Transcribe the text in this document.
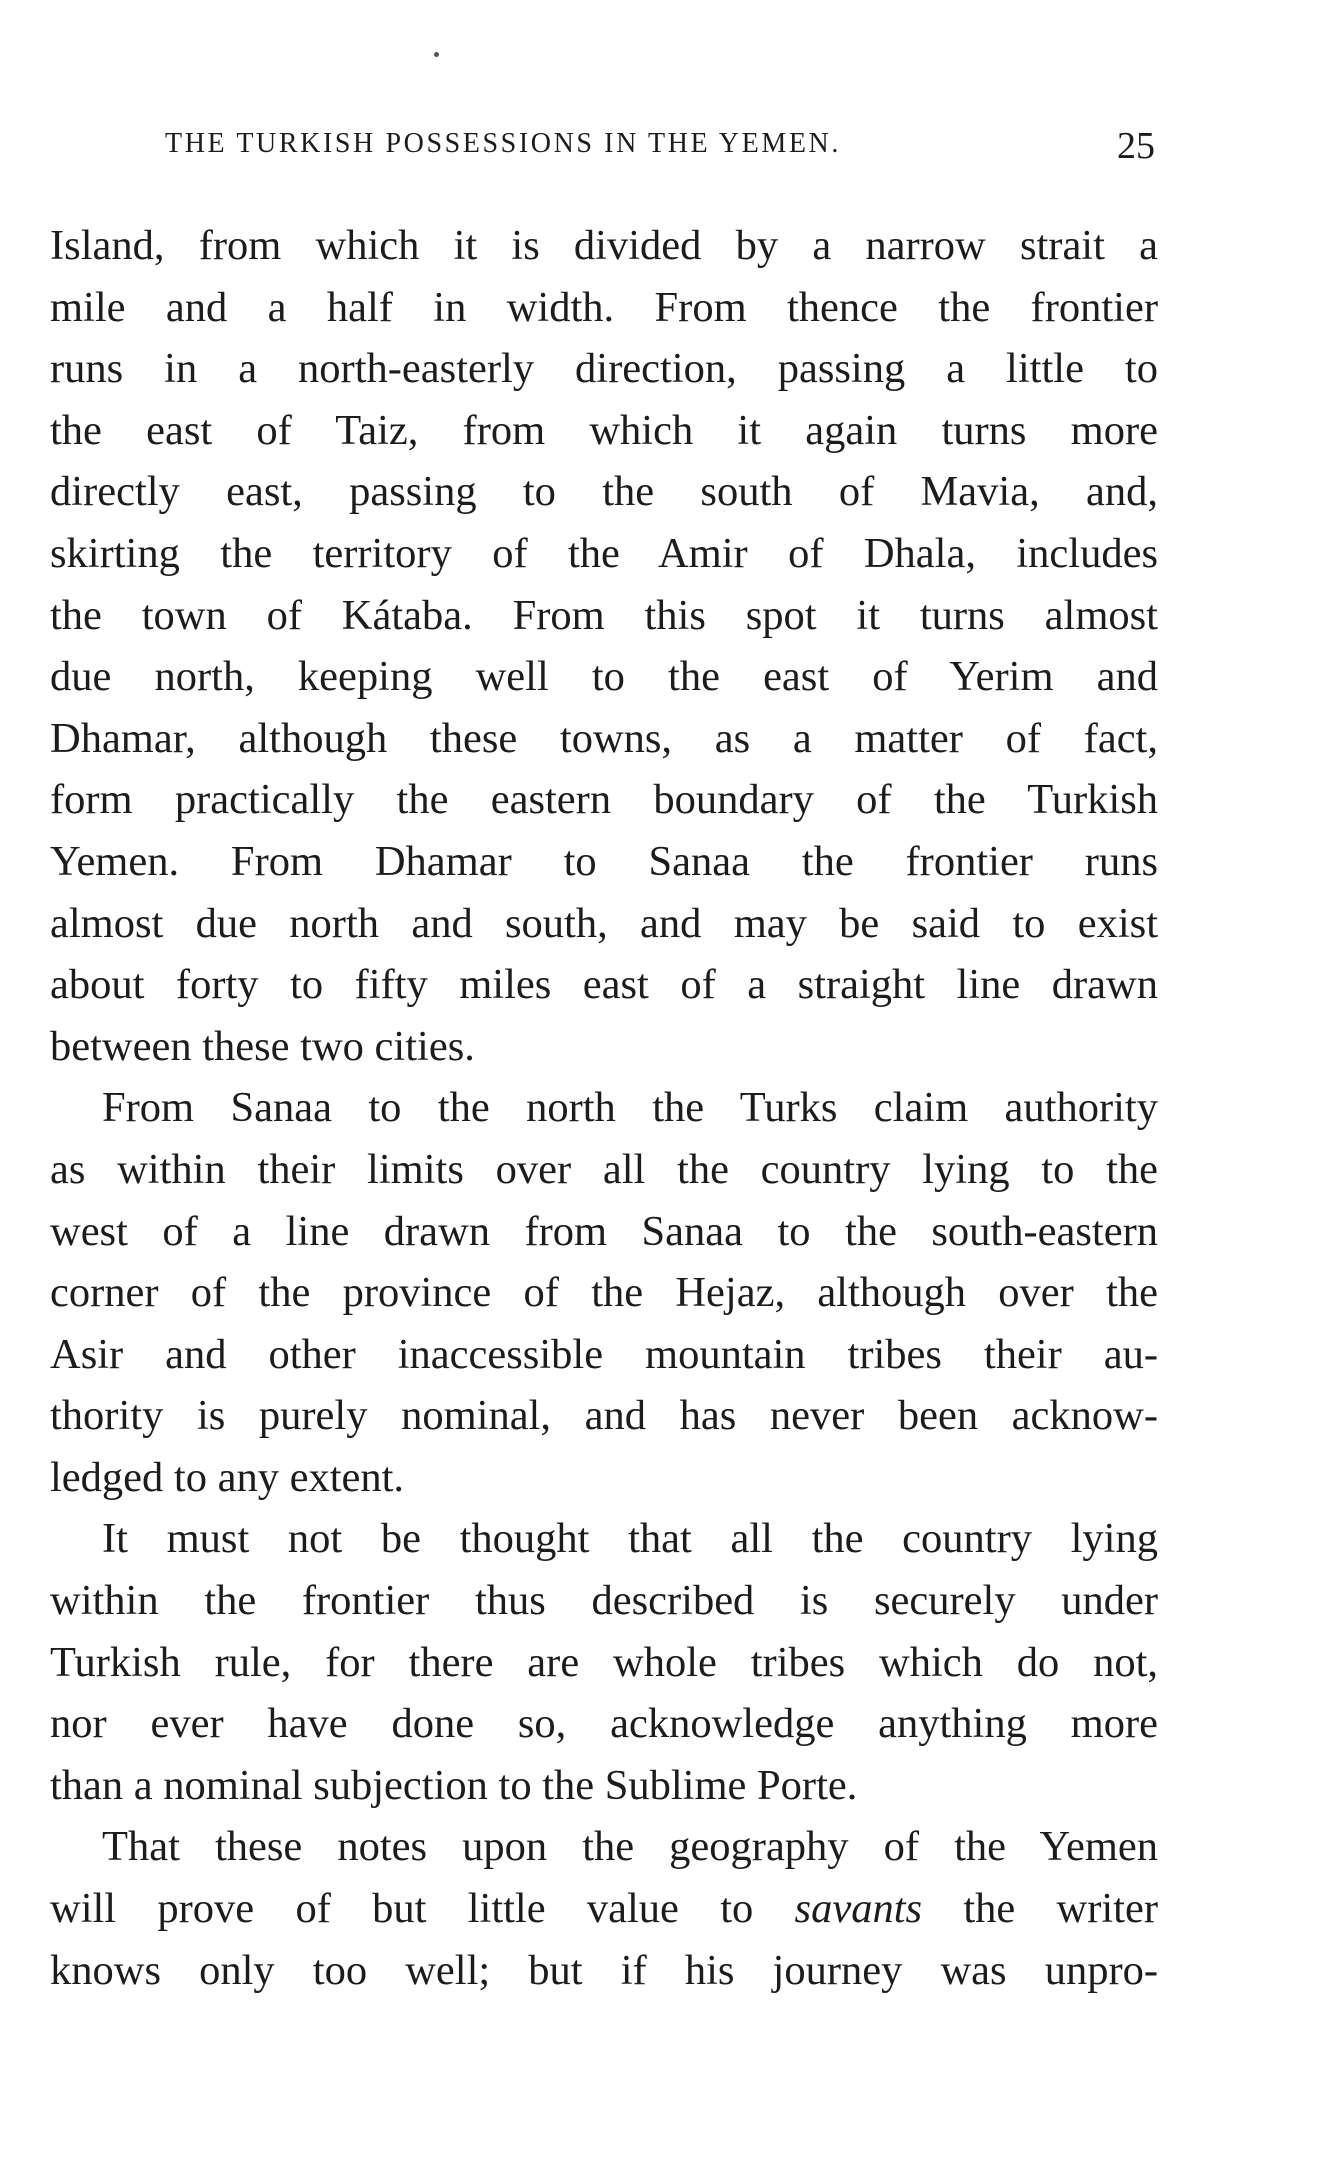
THE TURKISH POSSESSIONS IN THE YEMEN.	25
Island, from which it is divided by a narrow strait a
mile and a half in width. From thence the frontier
runs in a north-easterly direction, passing a little to
the east of Taiz, from which it again turns more
directly east, passing to the south of Mavia, and,
skirting the territory of the Amir of Dhala, includes
the town of Kátaba. From this spot it turns almost
due north, keeping well to the east of Yerim and
Dhamar, although these towns, as a matter of fact,
form practically the eastern boundary of the Turkish
Yemen. From Dhamar to Sanaa the frontier runs
almost due north and south, and may be said to exist
about forty to fifty miles east of a straight line drawn
between these two cities.
From Sanaa to the north the Turks claim authority
as within their limits over all the country lying to the
west of a line drawn from Sanaa to the south-eastern
corner of the province of the Hejaz, although over the
Asir and other inaccessible mountain tribes their au-
thority is purely nominal, and has never been acknow-
ledged to any extent.
It must not be thought that all the country lying
within the frontier thus described is securely under
Turkish rule, for there are whole tribes which do not,
nor ever have done so, acknowledge anything more
than a nominal subjection to the Sublime Porte.
That these notes upon the geography of the Yemen
will prove of but little value to savants the writer
knows only too well; but if his journey was unpro-
